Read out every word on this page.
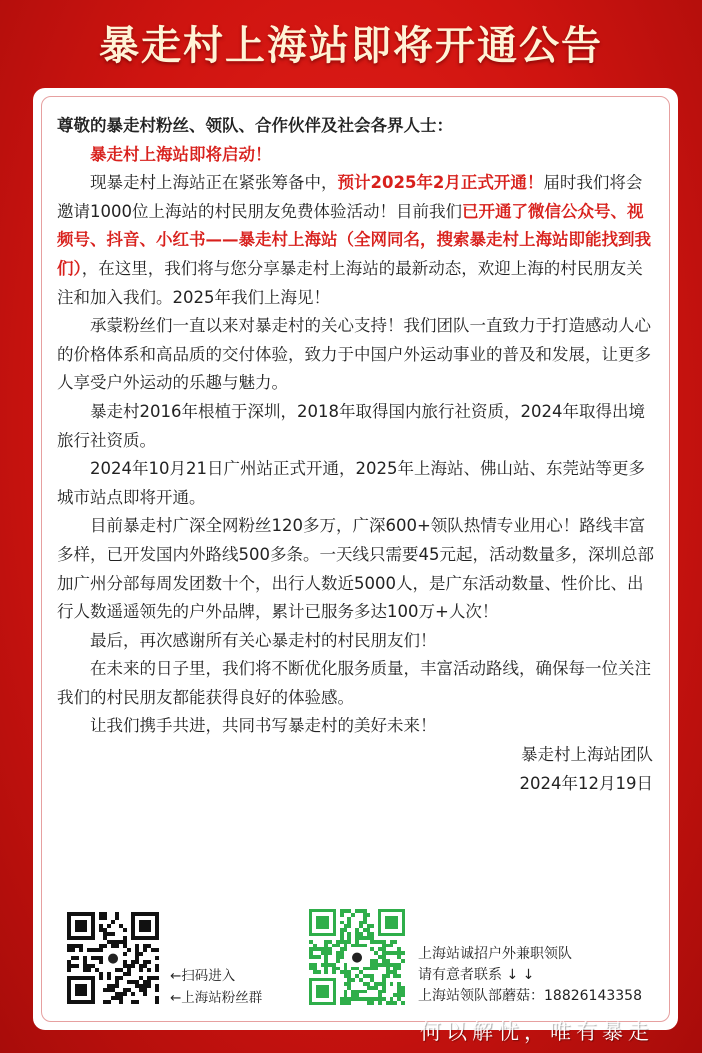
暴走村上海站即将开通公告

尊敬的暴走村粉丝、领队、合作伙伴及社会各界人士：

暴走村上海站即将启动！

现暴走村上海站正在紧张筹备中，预计2025年2月正式开通！届时我们将会邀请1000位上海站的村民朋友免费体验活动！目前我们已开通了微信公众号、视频号、抖音、小红书——暴走村上海站（全网同名，搜索暴走村上海站即能找到我们），在这里，我们将与您分享暴走村上海站的最新动态，欢迎上海的村民朋友关注和加入我们。2025年我们上海见！

承蒙粉丝们一直以来对暴走村的关心支持！我们团队一直致力于打造感动人心的价格体系和高品质的交付体验，致力于中国户外运动事业的普及和发展，让更多人享受户外运动的乐趣与魅力。

暴走村2016年根植于深圳，2018年取得国内旅行社资质，2024年取得出境旅行社资质。

2024年10月21日广州站正式开通，2025年上海站、佛山站、东莞站等更多城市站点即将开通。

目前暴走村广深全网粉丝120多万，广深600+领队热情专业用心！路线丰富多样，已开发国内外路线500多条。一天线只需要45元起，活动数量多，深圳总部加广州分部每周发团数十个，出行人数近5000人，是广东活动数量、性价比、出行人数遥遥领先的户外品牌，累计已服务多达100万+人次！

最后，再次感谢所有关心暴走村的村民朋友们！

在未来的日子里，我们将不断优化服务质量，丰富活动路线，确保每一位关注我们的村民朋友都能获得良好的体验感。

让我们携手共进，共同书写暴走村的美好未来！

暴走村上海站团队

2024年12月19日

●
←扫码进入
←上海站粉丝群
●	上海站诚招户外兼职领队
请有意者联系 ↓ ↓
上海站领队部蘑菇：18826143358
何以解忧，唯有暴走
